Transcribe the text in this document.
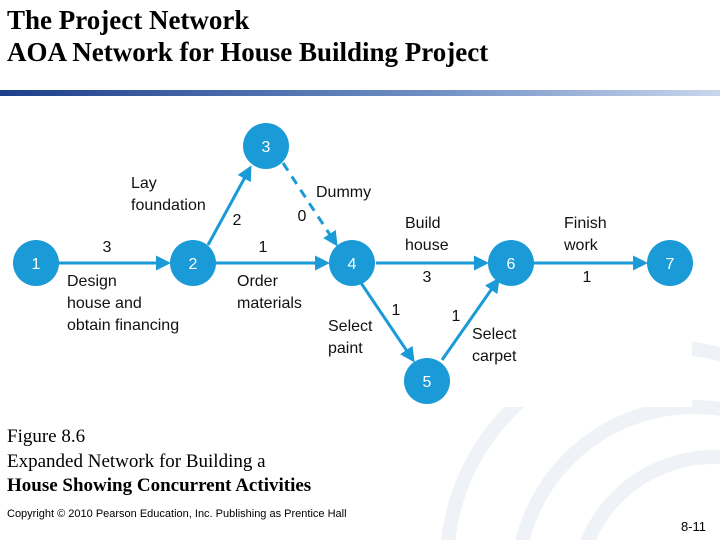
The Project Network
AOA Network for House Building Project
1	2
3
4
5
6	7
3
Design
house and
obtain financing
Lay
foundation
2
1
Order
materials
Dummy
0	Build
house
3
1
Select
paint
1
Select
carpet
Finish
work
1
Figure 8.6
Expanded Network for Building a
House Showing Concurrent Activities
Copyright © 2010 Pearson Education, Inc. Publishing as Prentice Hall
8-11
